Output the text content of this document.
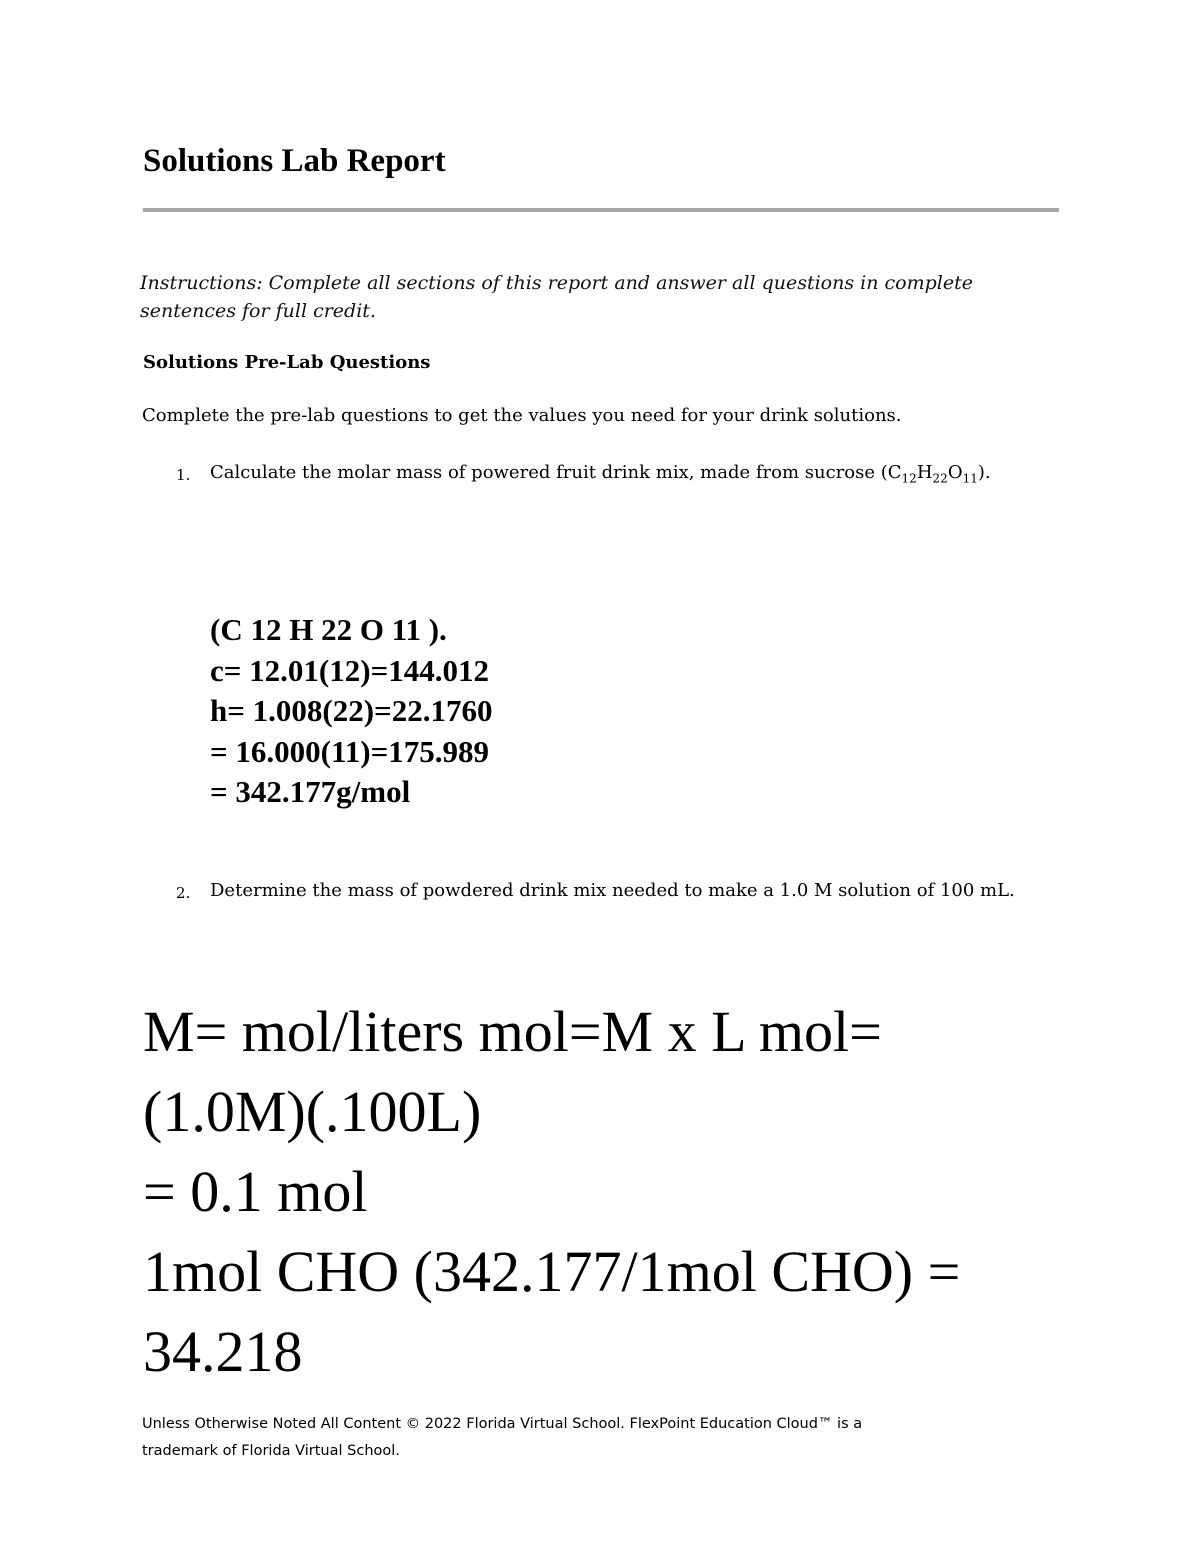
Solutions Lab Report
Instructions: Complete all sections of this report and answer all questions in complete sentences for full credit.
Solutions Pre-Lab Questions
Complete the pre-lab questions to get the values you need for your drink solutions.
1. Calculate the molar mass of powered fruit drink mix, made from sucrose $(C_{12}H_{22}O_{11})$.
(C 12 H 22 O 11 ).
c= 12.01(12)=144.012
h= 1.008(22)=22.1760
= 16.000(11)=175.989
= 342.177g/mol
2. Determine the mass of powdered drink mix needed to make a 1.0 M solution of 100 mL.
M= mol/liters mol=M x L mol=
(1.0M)(.100L)
= 0.1 mol
1mol CHO (342.177/1mol CHO) =
34.218
Unless Otherwise Noted All Content © 2022 Florida Virtual School. FlexPoint Education Cloud™ is a
trademark of Florida Virtual School.
